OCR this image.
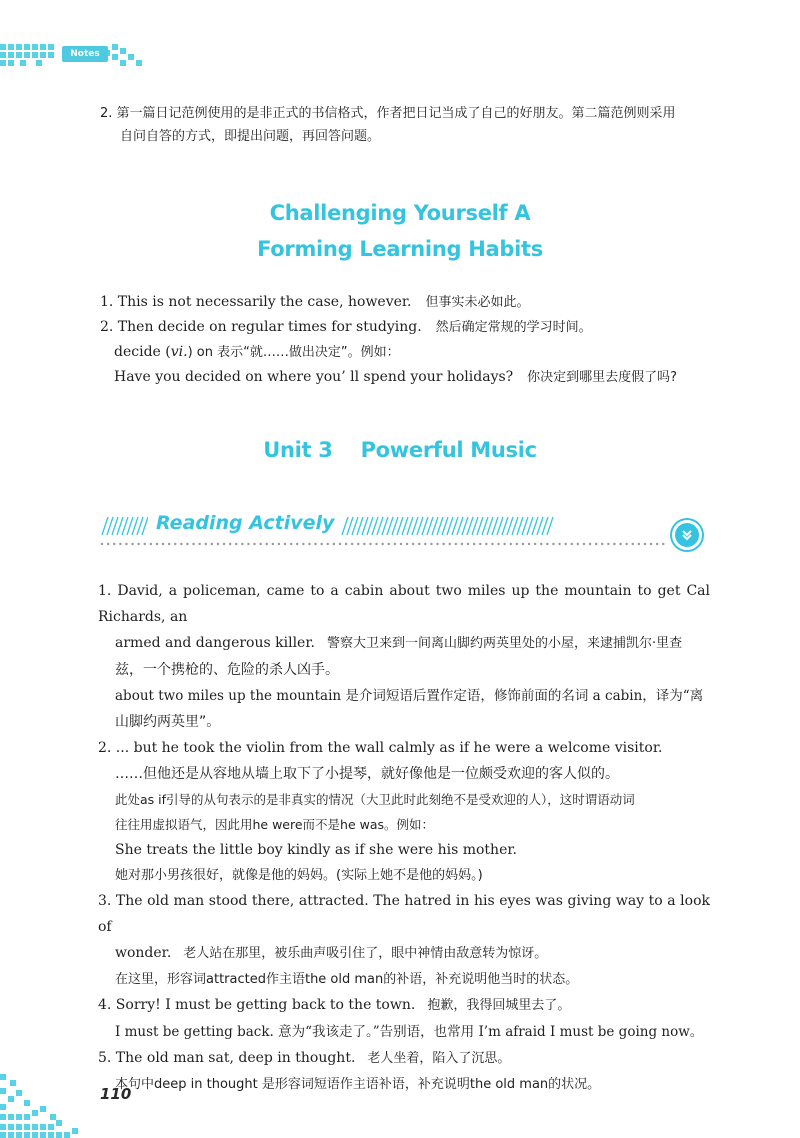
Notes

2. 第一篇日记范例使用的是非正式的书信格式，作者把日记当成了自己的好朋友。第二篇范例则采用

自问自答的方式，即提出问题，再回答问题。

Challenging Yourself A
Forming Learning Habits
1. This is not necessarily the case, however. 但事实未必如此。
2. Then decide on regular times for studying. 然后确定常规的学习时间。
decide (vi.) on 表示“就……做出决定”。例如：
Have you decided on where you’ ll spend your holidays? 你决定到哪里去度假了吗?
Unit 3    Powerful Music
Reading Actively
1. David, a policeman, came to a cabin about two miles up the mountain to get Cal Richards, an
armed and dangerous killer. 警察大卫来到一间离山脚约两英里处的小屋，来逮捕凯尔·里查
兹，一个携枪的、危险的杀人凶手。
about two miles up the mountain 是介词短语后置作定语，修饰前面的名词 a cabin，译为“离
山脚约两英里”。
2. ... but he took the violin from the wall calmly as if he were a welcome visitor.
……但他还是从容地从墙上取下了小提琴，就好像他是一位颇受欢迎的客人似的。
此处as if引导的从句表示的是非真实的情况（大卫此时此刻绝不是受欢迎的人），这时谓语动词
往往用虚拟语气，因此用he were而不是he was。例如：
She treats the little boy kindly as if she were his mother.
她对那小男孩很好，就像是他的妈妈。(实际上她不是他的妈妈。)
3. The old man stood there, attracted. The hatred in his eyes was giving way to a look of
wonder. 老人站在那里，被乐曲声吸引住了，眼中神情由敌意转为惊讶。
在这里，形容词attracted作主语the old man的补语，补充说明他当时的状态。
4. Sorry! I must be getting back to the town. 抱歉，我得回城里去了。
I must be getting back. 意为“我该走了。”告别语，也常用 I’m afraid I must be going now。
5. The old man sat, deep in thought. 老人坐着，陷入了沉思。
本句中deep in thought 是形容词短语作主语补语，补充说明the old man的状况。
110
